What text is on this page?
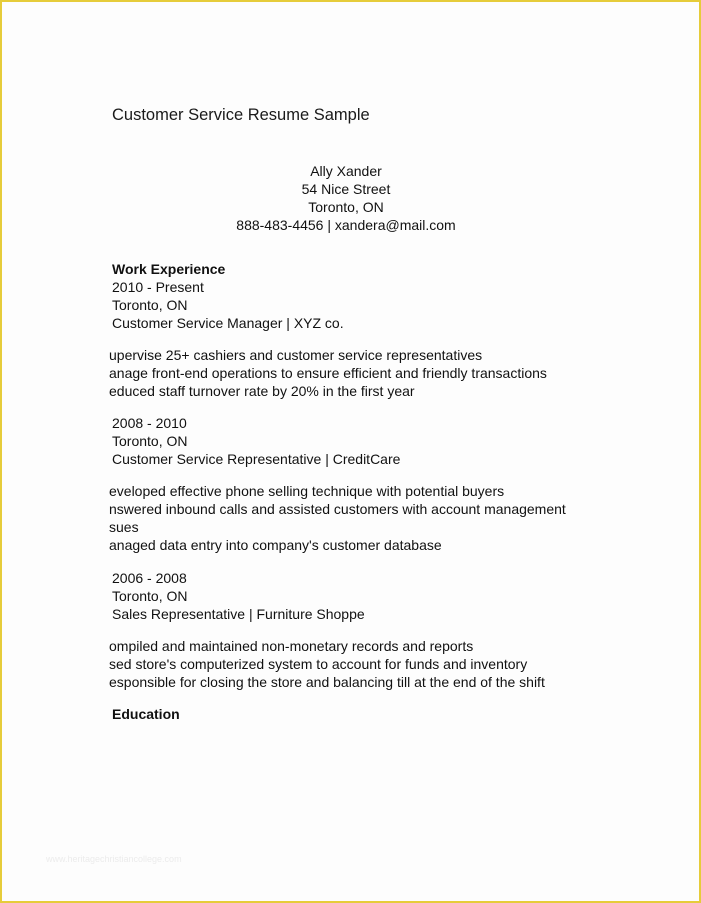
Customer Service Resume Sample
Ally Xander
54 Nice Street
Toronto, ON
888-483-4456 | xandera@mail.com
Work Experience
2010 - Present
Toronto, ON
Customer Service Manager | XYZ co.
upervise 25+ cashiers and customer service representatives
anage front-end operations to ensure efficient and friendly transactions
educed staff turnover rate by 20% in the first year
2008 - 2010
Toronto, ON
Customer Service Representative | CreditCare
eveloped effective phone selling technique with potential buyers
nswered inbound calls and assisted customers with account management
sues
anaged data entry into company's customer database
2006 - 2008
Toronto, ON
Sales Representative | Furniture Shoppe
ompiled and maintained non-monetary records and reports
sed store's computerized system to account for funds and inventory
esponsible for closing the store and balancing till at the end of the shift
Education
www.heritagechristiancollege.com
